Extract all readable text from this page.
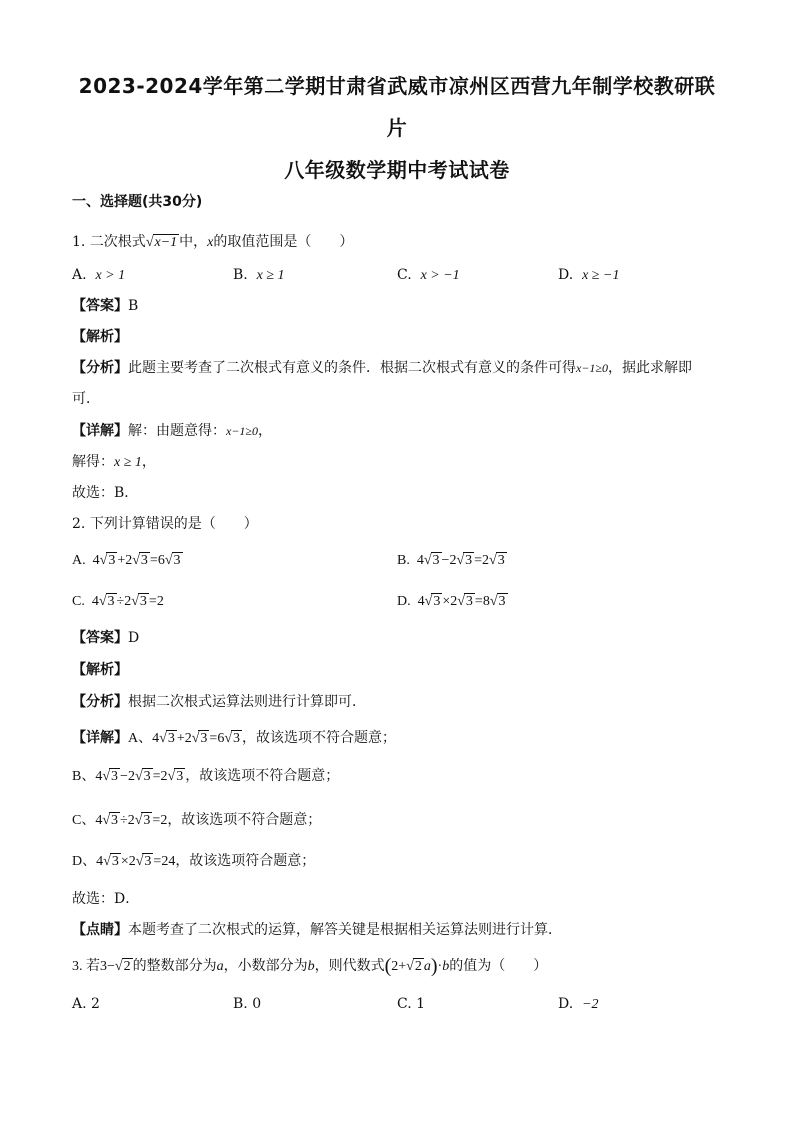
2023-2024学年第二学期甘肃省武威市凉州区西营九年制学校教研联
片
八年级数学期中考试试卷
一、选择题(共30分)
1. 二次根式√x−1 中，x的取值范围是（　　）
A. x > 1	B. x ≥ 1	C. x > −1	D. x ≥ −1
【答案】B
【解析】
【分析】此题主要考查了二次根式有意义的条件．根据二次根式有意义的条件可得x−1≥0，据此求解即
可．
【详解】解：由题意得：x−1≥0，
解得：x ≥ 1，
故选：B．
2. 下列计算错误的是（　　）
A. 4√3 +2√3 =6√3	B. 4√3 −2√3 =2√3
C. 4√3 ÷2√3 =2	D. 4√3 ×2√3 =8√3
【答案】D
【解析】
【分析】根据二次根式运算法则进行计算即可．
【详解】A、4√3 +2√3 =6√3 ，故该选项不符合题意；
B、4√3 −2√3 =2√3 ，故该选项不符合题意；
C、4√3 ÷2√3 =2，故该选项不符合题意；
D、4√3 ×2√3 =24，故该选项符合题意；
故选：D．
【点睛】本题考查了二次根式的运算，解答关键是根据相关运算法则进行计算．
3. 若3−√2 的整数部分为a，小数部分为b，则代数式(2+√2 a)·b的值为（　　）
A. 2	B. 0	C. 1	D. −2
